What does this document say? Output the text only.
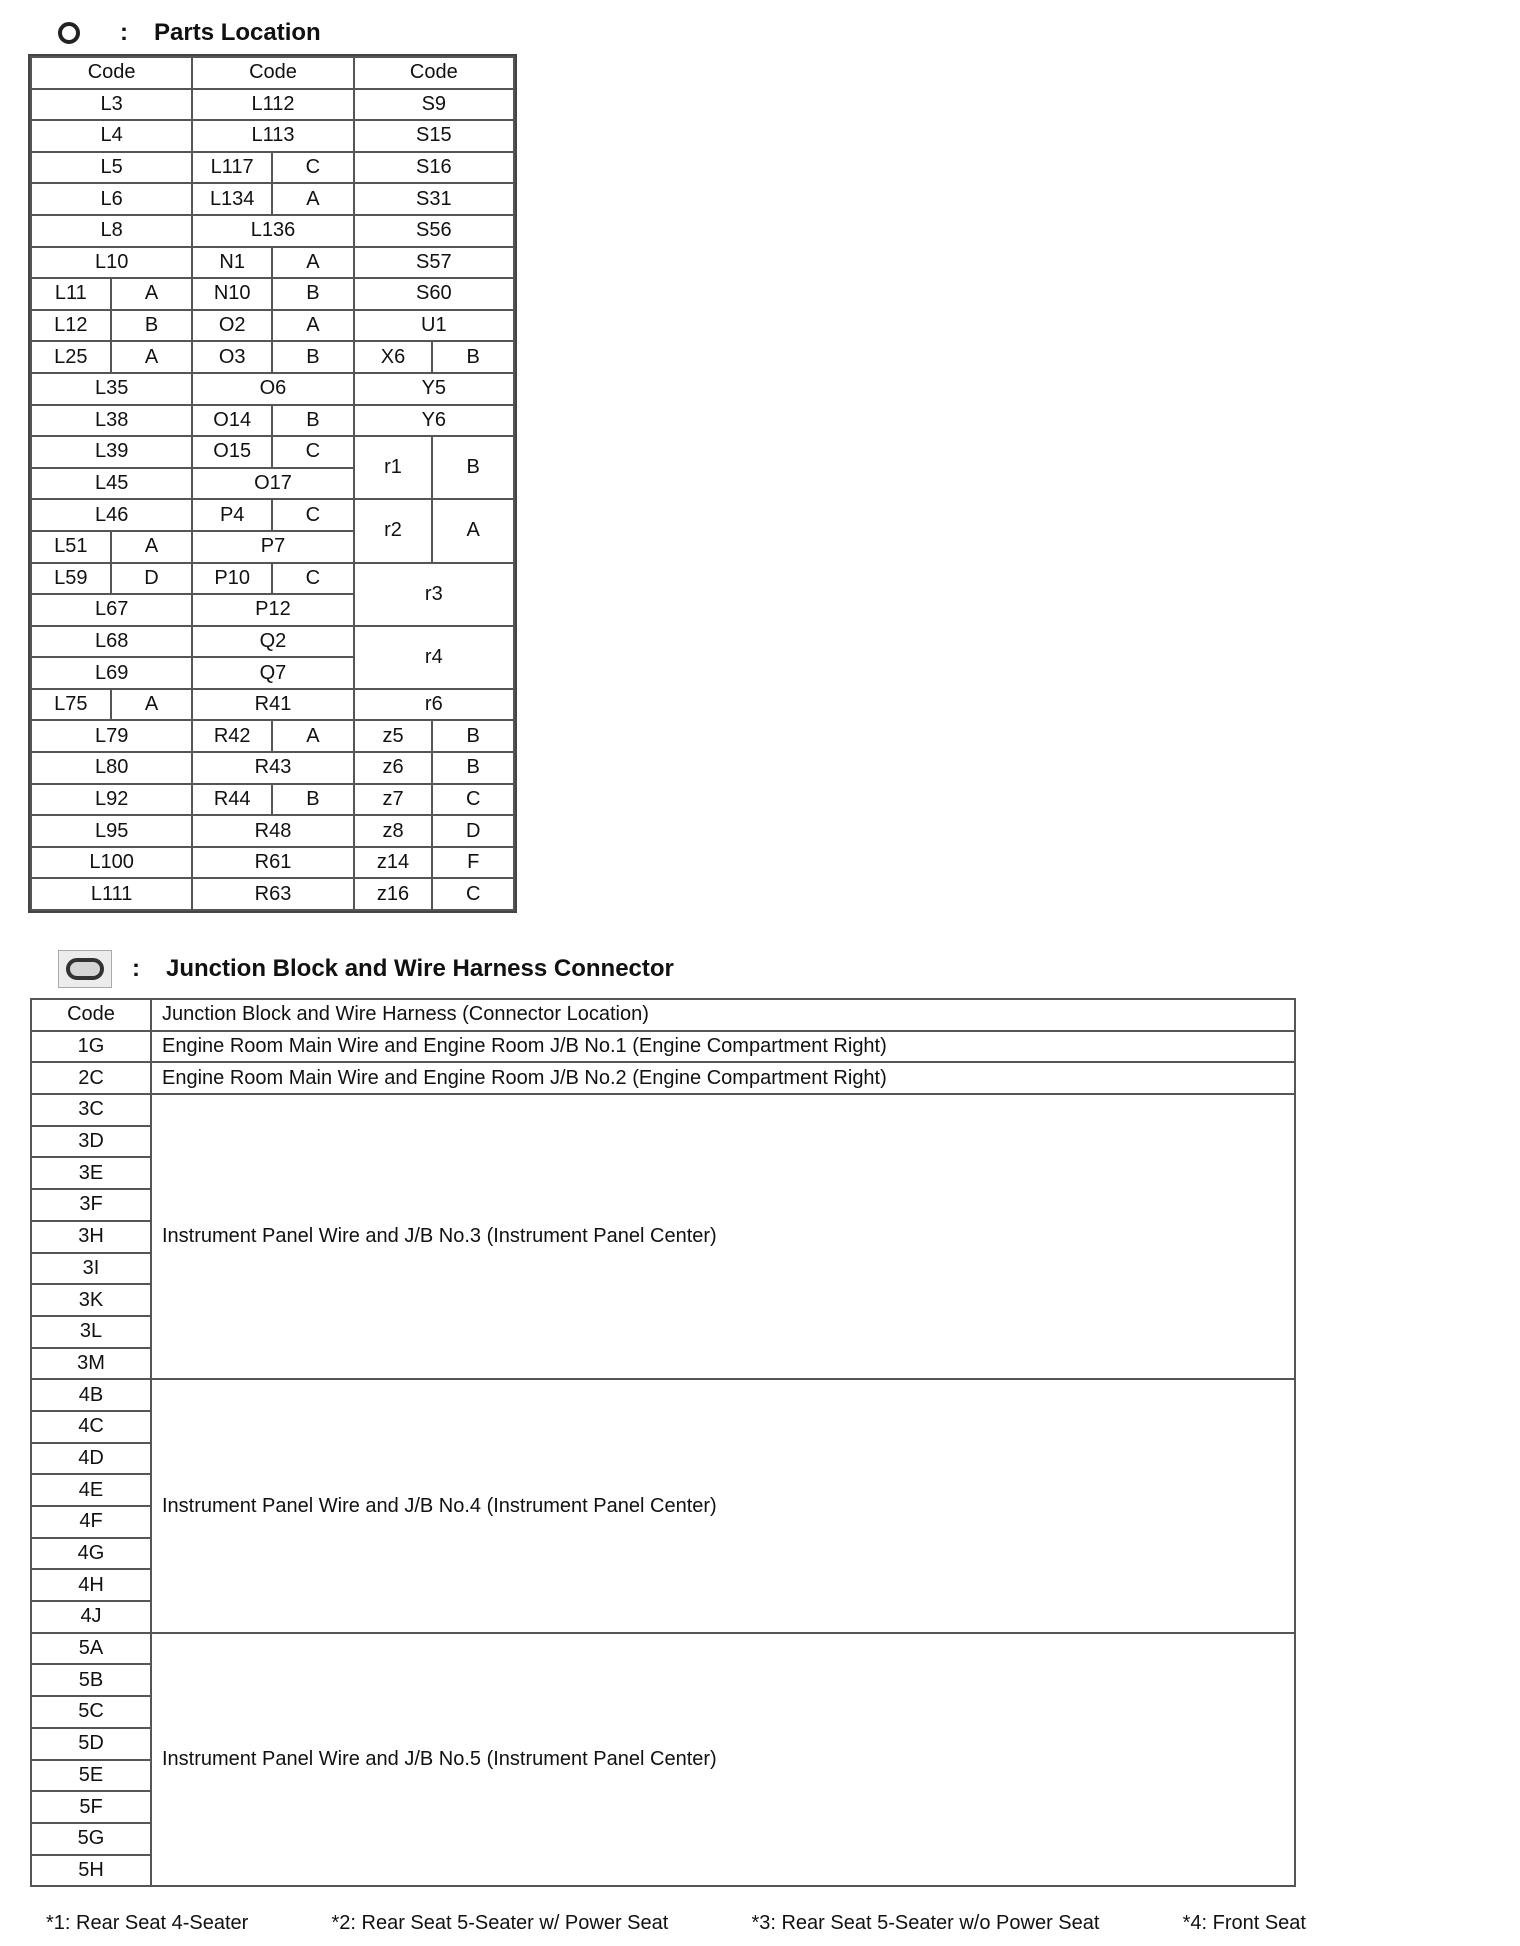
: Parts Location
Code		Code		Code	
L3		L112		S9	
L4		L113		S15	
L5		L117	C	S16	
L6		L134	A	S31	
L8		L136		S56	
L10		N1	A	S57	
L11	A	N10	B	S60	
L12	B	O2	A	U1	
L25	A	O3	B	X6	B
L35		O6		Y5	
L38		O14	B	Y6	
L39		O15	C	r1	B
L45		O17			
L46		P4	C	r2	A
L51	A	P7			
L59	D	P10	C	r3	
L67		P12			
L68		Q2		r4	
L69		Q7			
L75	A	R41		r6	
L79		R42	A	z5	B
L80		R43		z6	B
L92		R44	B	z7	C
L95		R48		z8	D
L100		R61		z14	F
L111		R63		z16	C
: Junction Block and Wire Harness Connector
Code	Junction Block and Wire Harness (Connector Location)
1G	Engine Room Main Wire and Engine Room J/B No.1 (Engine Compartment Right)
2C	Engine Room Main Wire and Engine Room J/B No.2 (Engine Compartment Right)
3C	Instrument Panel Wire and J/B No.3 (Instrument Panel Center)
3D	
3E	
3F	
3H	
3I	
3K	
3L	
3M	
4B	Instrument Panel Wire and J/B No.4 (Instrument Panel Center)
4C	
4D	
4E	
4F	
4G	
4H	
4J	
5A	Instrument Panel Wire and J/B No.5 (Instrument Panel Center)
5B	
5C	
5D	
5E	
5F	
5G	
5H	
*1: Rear Seat 4-Seater	*2: Rear Seat 5-Seater w/ Power Seat	*3: Rear Seat 5-Seater w/o Power Seat	*4: Front Seat
